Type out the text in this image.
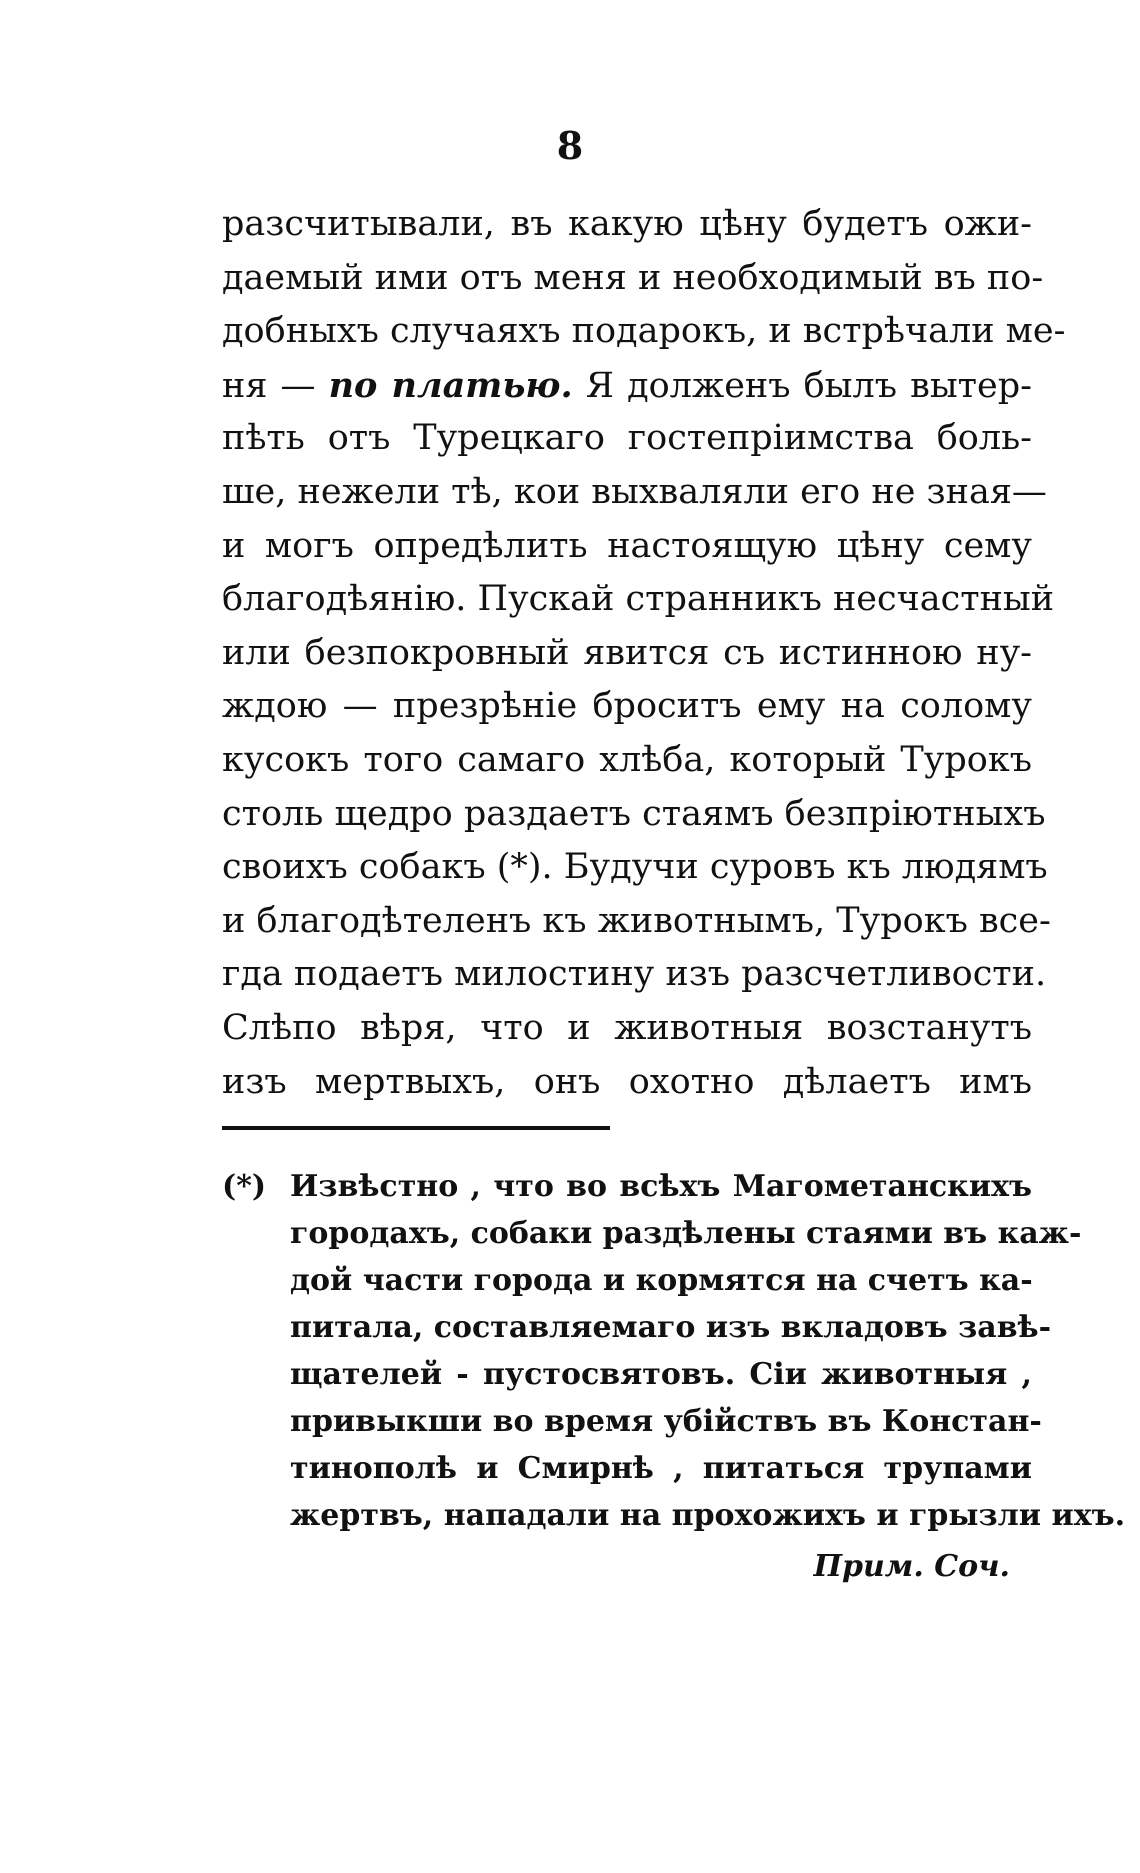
8
разсчитывали, въ какую цѣну будетъ ожи-
даемый ими отъ меня и необходимый въ по-
добныхъ случаяхъ подарокъ, и встрѣчали ме-
ня — по платью. Я долженъ былъ вытер-
пѣть отъ Турецкаго гостепріимства боль-
ше, нежели тѣ, кои выхваляли его не зная—
и могъ опредѣлить настоящую цѣну сему
благодѣянію. Пускай странникъ несчастный
или безпокровный явится съ истинною ну-
ждою — презрѣніе броситъ ему на солому
кусокъ того самаго хлѣба, который Турокъ
столь щедро раздаетъ стаямъ безпріютныхъ
своихъ собакъ (*). Будучи суровъ къ людямъ
и благодѣтеленъ къ животнымъ, Турокъ все-
гда подаетъ милостину изъ разсчетливости.
Слѣпо вѣря, что и животныя возстанутъ
изъ мертвыхъ, онъ охотно дѣлаетъ имъ
(*) Извѣстно , что во всѣхъ Магометанскихъ
городахъ, собаки раздѣлены стаями въ каж-
дой части города и кормятся на счетъ ка-
питала, составляемаго изъ вкладовъ завѣ-
щателей - пустосвятовъ. Сіи животныя ,
привыкши во время убійствъ въ Констан-
тинополѣ и Смирнѣ , питаться трупами
жертвъ, нападали на прохожихъ и грызли ихъ.
Прим. Соч.
